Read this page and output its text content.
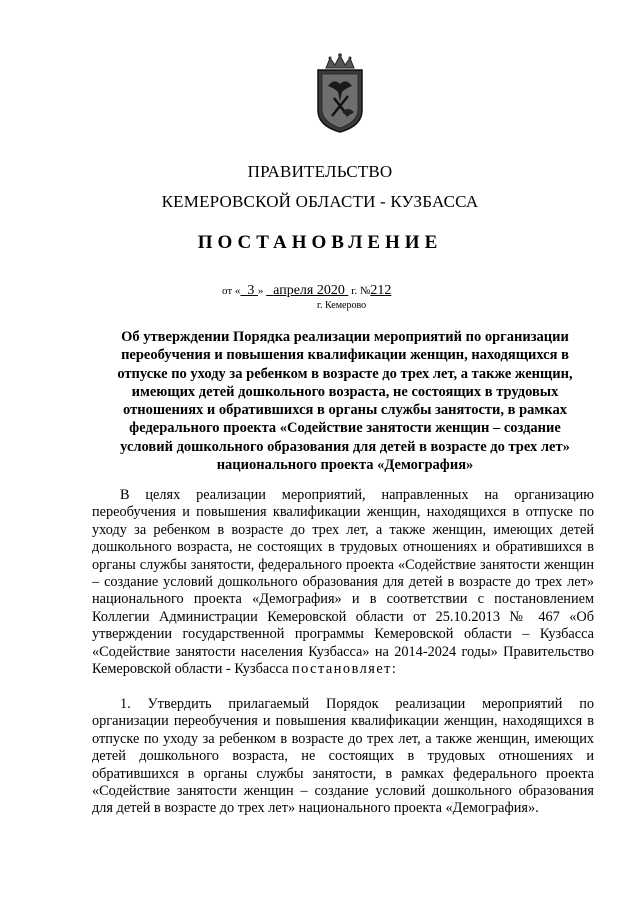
ПРАВИТЕЛЬСТВО
КЕМЕРОВСКОЙ ОБЛАСТИ - КУЗБАССА
ПОСТАНОВЛЕНИЕ
от « 3 » апреля 2020 г. №212
г. Кемерово
Об утверждении Порядка реализации мероприятий по организации переобучения и повышения квалификации женщин, находящихся в отпуске по уходу за ребенком в возрасте до трех лет, а также женщин, имеющих детей дошкольного возраста, не состоящих в трудовых отношениях и обратившихся в органы службы занятости, в рамках федерального проекта «Содействие занятости женщин – создание условий дошкольного образования для детей в возрасте до трех лет» национального проекта «Демография»
В целях реализации мероприятий, направленных на организацию переобучения и повышения квалификации женщин, находящихся в отпуске по уходу за ребенком в возрасте до трех лет, а также женщин, имеющих детей дошкольного возраста, не состоящих в трудовых отношениях и обратившихся в органы службы занятости, федерального проекта «Содействие занятости женщин – создание условий дошкольного образования для детей в возрасте до трех лет» национального проекта «Демография» и в соответствии с постановлением Коллегии Администрации Кемеровской области от 25.10.2013 № 467 «Об утверждении государственной программы Кемеровской области – Кузбасса «Содействие занятости населения Кузбасса» на 2014-2024 годы» Правительство Кемеровской области - Кузбасса постановляет:
1. Утвердить прилагаемый Порядок реализации мероприятий по организации переобучения и повышения квалификации женщин, находящихся в отпуске по уходу за ребенком в возрасте до трех лет, а также женщин, имеющих детей дошкольного возраста, не состоящих в трудовых отношениях и обратившихся в органы службы занятости, в рамках федерального проекта «Содействие занятости женщин – создание условий дошкольного образования для детей в возрасте до трех лет» национального проекта «Демография».
